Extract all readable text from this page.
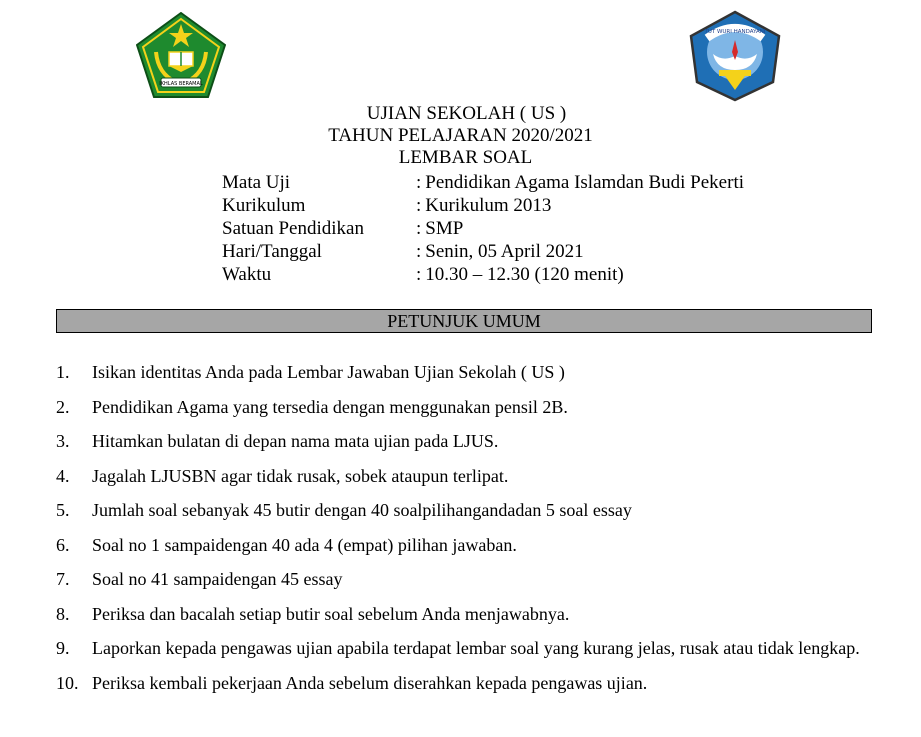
IKHLAS BERAMAL
TUT WURI HANDAYANI
UJIAN SEKOLAH ( US )
TAHUN PELAJARAN 2020/2021
LEMBAR SOAL
Mata Uji	: Pendidikan Agama Islamdan Budi Pekerti
Kurikulum	: Kurikulum 2013
Satuan Pendidikan	: SMP
Hari/Tanggal	: Senin, 05 April 2021
Waktu	: 10.30 – 12.30 (120 menit)
PETUNJUK UMUM
1. Isikan identitas Anda pada Lembar Jawaban Ujian Sekolah ( US )
2. Pendidikan Agama yang tersedia dengan menggunakan pensil 2B.
3. Hitamkan bulatan di depan nama mata ujian pada LJUS.
4. Jagalah LJUSBN agar tidak rusak, sobek ataupun terlipat.
5. Jumlah soal sebanyak 45 butir dengan 40 soalpilihangandadan 5 soal essay
6. Soal no 1 sampaidengan 40 ada 4 (empat) pilihan jawaban.
7. Soal no 41 sampaidengan 45 essay
8. Periksa dan bacalah setiap butir soal sebelum Anda menjawabnya.
9. Laporkan kepada pengawas ujian apabila terdapat lembar soal yang kurang jelas, rusak atau tidak lengkap.
10. Periksa kembali pekerjaan Anda sebelum diserahkan kepada pengawas ujian.
